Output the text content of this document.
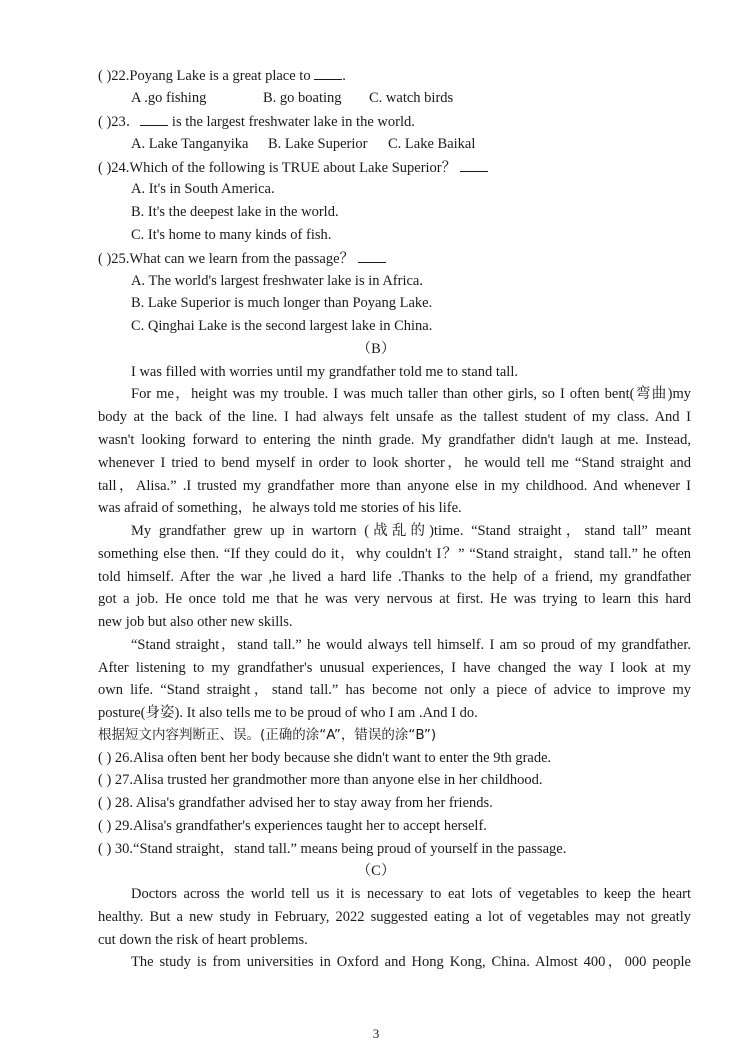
( )22.Poyang Lake is a great place to .
A .go fishing	B. go boating C. watch birds
( )23． is the largest freshwater lake in the world.
A. Lake Tanganyika B. Lake Superior C. Lake Baikal
( )24.Which of the following is TRUE about Lake Superior？
A. It's in South America.
B. It's the deepest lake in the world.
C. It's home to many kinds of fish.
( )25.What can we learn from the passage？
A. The world's largest freshwater lake is in Africa.
B. Lake Superior is much longer than Poyang Lake.
C. Qinghai Lake is the second largest lake in China.
（B）
I was filled with worries until my grandfather told me to stand tall.
For me，height was my trouble. I was much taller than other girls, so I often bent(弯曲)my
body at the back of the line. I had always felt unsafe as the tallest student of my class. And I
wasn't looking forward to entering the ninth grade. My grandfather didn't laugh at me. Instead,
whenever I tried to bend myself in order to look shorter，he would tell me “Stand straight and
tall，Alisa.” .I trusted my grandfather more than anyone else in my childhood. And whenever I
was afraid of something，he always told me stories of his life.
My grandfather grew up in wartorn (战乱的)time. “Stand straight，stand tall” meant
something else then. “If they could do it，why couldn't I？” “Stand straight，stand tall.” he often
told himself. After the war ,he lived a hard life .Thanks to the help of a friend, my grandfather
got a job. He once told me that he was very nervous at first. He was trying to learn this hard
new job but also other new skills.
“Stand straight，stand tall.” he would always tell himself. I am so proud of my grandfather.
After listening to my grandfather's unusual experiences, I have changed the way I look at my
own life. “Stand straight，stand tall.” has become not only a piece of advice to improve my
posture(身姿). It also tells me to be proud of who I am .And I do.
根据短文内容判断正、误。(正确的涂“A”，错误的涂“B”)
( ) 26.Alisa often bent her body because she didn't want to enter the 9th grade.
( ) 27.Alisa trusted her grandmother more than anyone else in her childhood.
( ) 28. Alisa's grandfather advised her to stay away from her friends.
( ) 29.Alisa's grandfather's experiences taught her to accept herself.
( ) 30.“Stand straight，stand tall.” means being proud of yourself in the passage.
（C）
Doctors across the world tell us it is necessary to eat lots of vegetables to keep the heart
healthy. But a new study in February, 2022 suggested eating a lot of vegetables may not greatly
cut down the risk of heart problems.
The study is from universities in Oxford and Hong Kong, China. Almost 400，000 people
3
